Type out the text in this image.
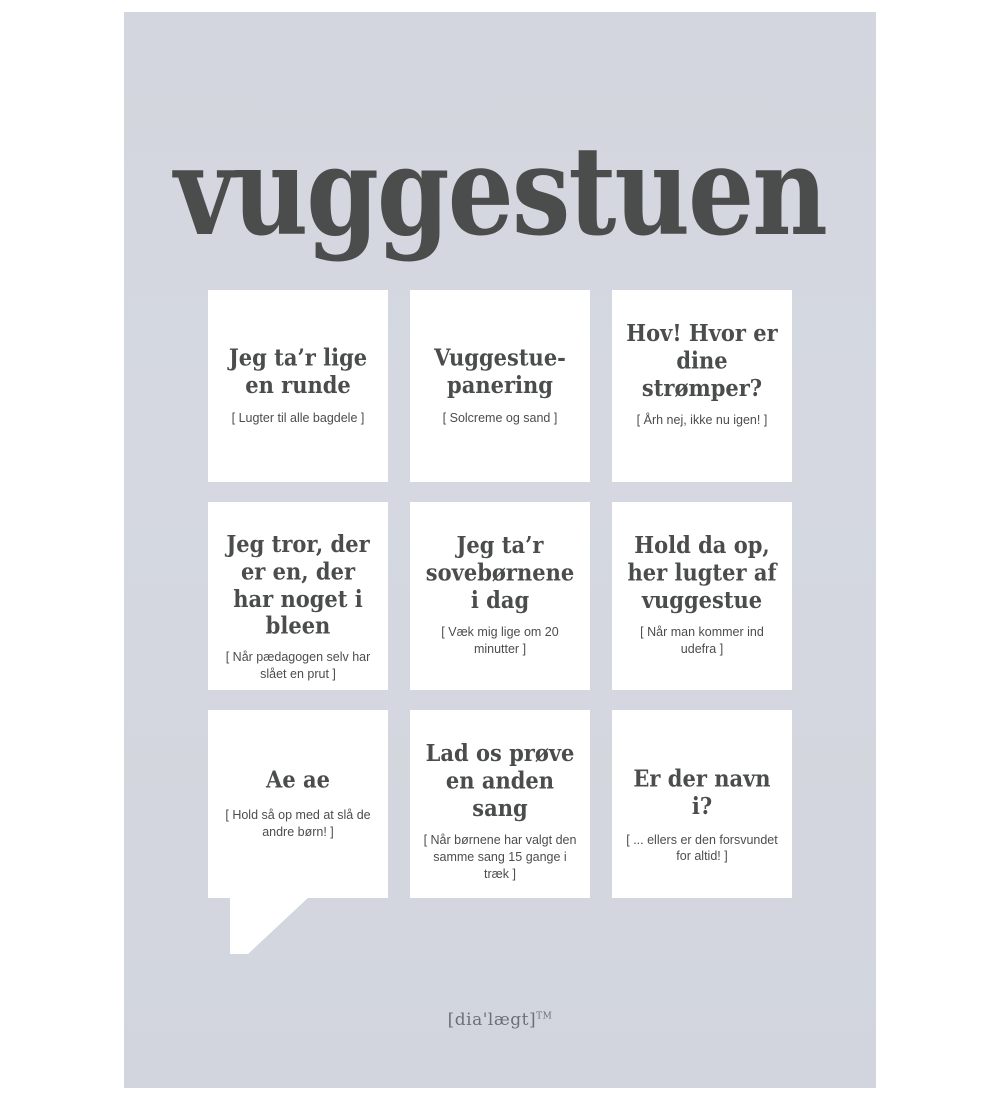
vuggestuen

Jeg ta’r lige en runde

[ Lugter til alle bagdele ]

Vuggestue- panering

[ Solcreme og sand ]

Hov! Hvor er dine strømper?

[ Årh nej, ikke nu igen! ]

Jeg tror, der er en, der har noget i bleen

[ Når pædagogen selv har slået en prut ]

Jeg ta’r sovebørnene i dag

[ Væk mig lige om 20 minutter ]

Hold da op, her lugter af vuggestue

[ Når man kommer ind udefra ]

Ae ae

[ Hold så op med at slå de andre børn! ]

Lad os prøve en anden sang

[ Når børnene har valgt den samme sang 15 gange i træk ]

Er der navn i?

[ ... ellers er den forsvundet for altid! ]

[dia'lægt]™
